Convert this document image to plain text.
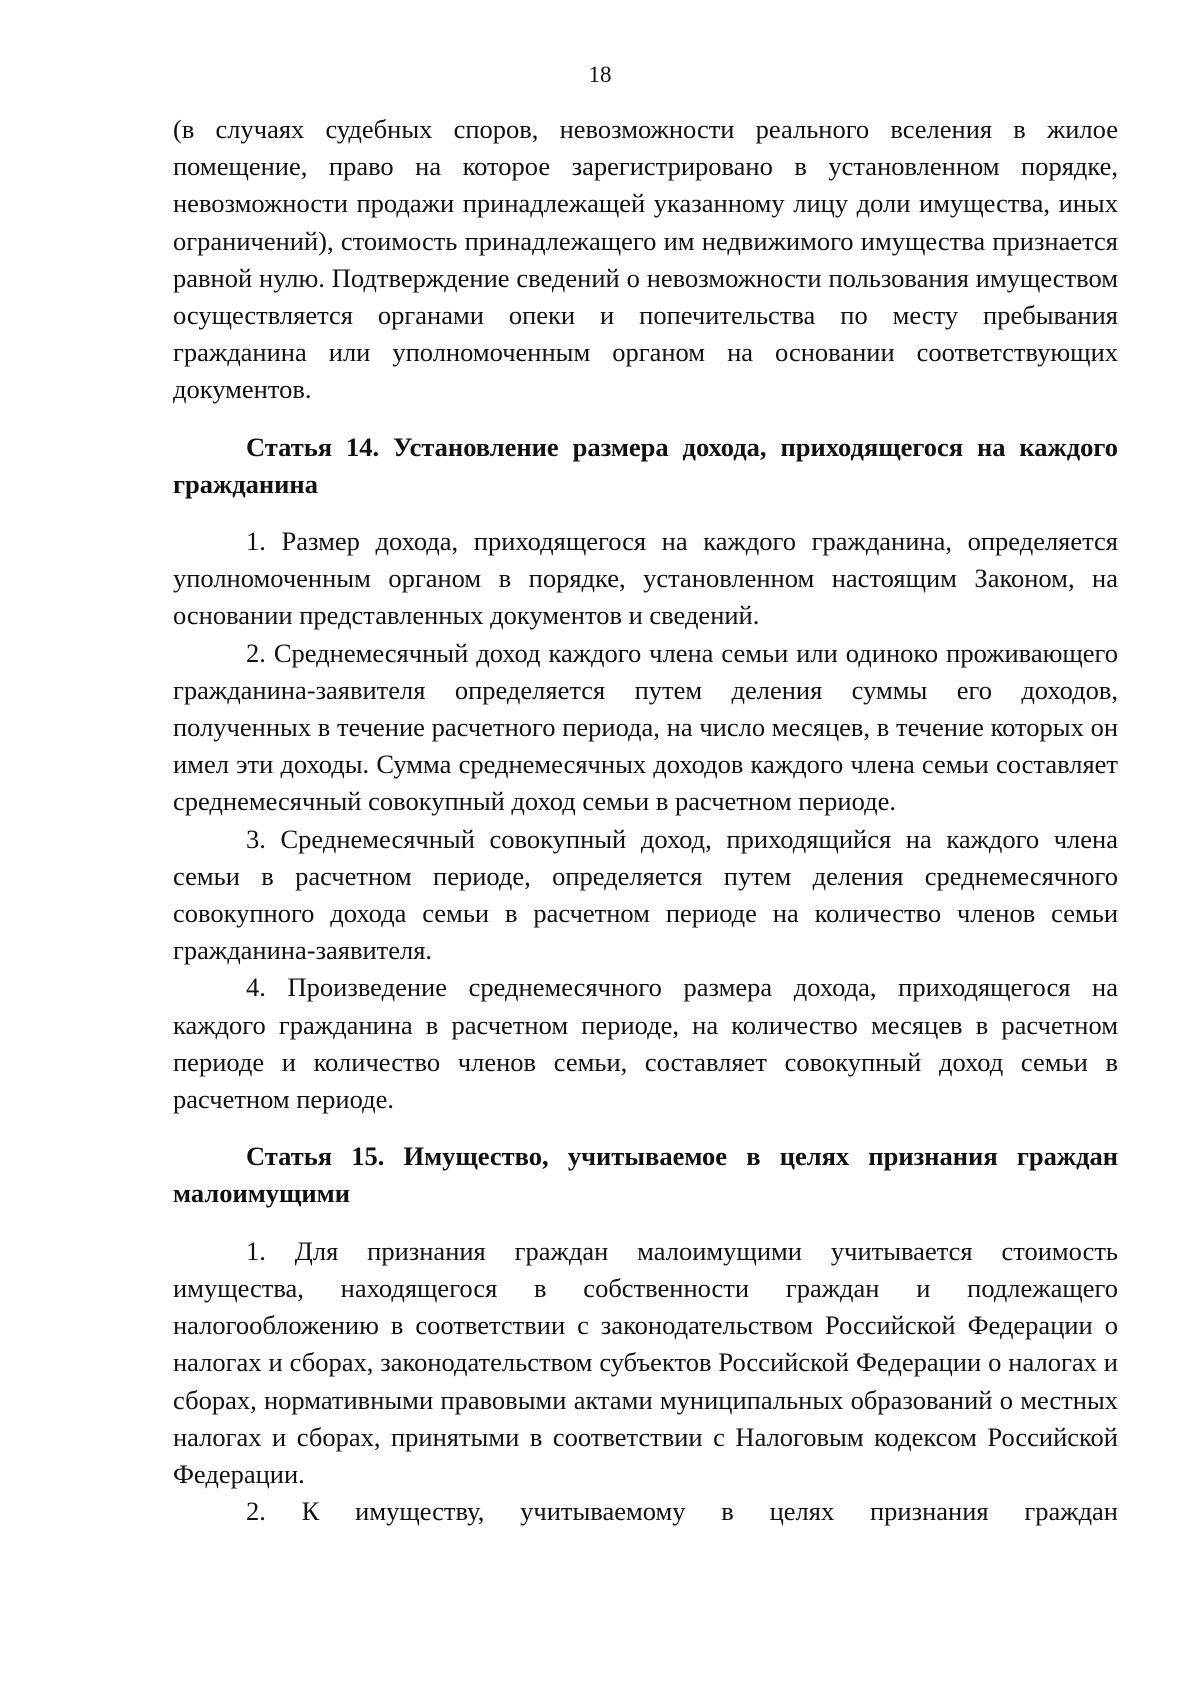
18

(в случаях судебных споров, невозможности реального вселения в жилое помещение, право на которое зарегистрировано в установленном порядке, невозможности продажи принадлежащей указанному лицу доли имущества, иных ограничений), стоимость принадлежащего им недвижимого имущества признается равной нулю. Подтверждение сведений о невозможности пользования имуществом осуществляется органами опеки и попечительства по месту пребывания гражданина или уполномоченным органом на основании соответствующих документов.

Статья 14. Установление размера дохода, приходящегося на каждого гражданина

1. Размер дохода, приходящегося на каждого гражданина, определяется уполномоченным органом в порядке, установленном настоящим Законом, на основании представленных документов и сведений.

2. Среднемесячный доход каждого члена семьи или одиноко проживающего гражданина-заявителя определяется путем деления суммы его доходов, полученных в течение расчетного периода, на число месяцев, в течение которых он имел эти доходы. Сумма среднемесячных доходов каждого члена семьи составляет среднемесячный совокупный доход семьи в расчетном периоде.

3. Среднемесячный совокупный доход, приходящийся на каждого члена семьи в расчетном периоде, определяется путем деления среднемесячного совокупного дохода семьи в расчетном периоде на количество членов семьи гражданина-заявителя.

4. Произведение среднемесячного размера дохода, приходящегося на каждого гражданина в расчетном периоде, на количество месяцев в расчетном периоде и количество членов семьи, составляет совокупный доход семьи в расчетном периоде.

Статья 15. Имущество, учитываемое в целях признания граждан малоимущими

1. Для признания граждан малоимущими учитывается стоимость имущества, находящегося в собственности граждан и подлежащего налогообложению в соответствии с законодательством Российской Федерации о налогах и сборах, законодательством субъектов Российской Федерации о налогах и сборах, нормативными правовыми актами муниципальных образований о местных налогах и сборах, принятыми в соответствии с Налоговым кодексом Российской Федерации.

2. К имуществу, учитываемому в целях признания граждан
